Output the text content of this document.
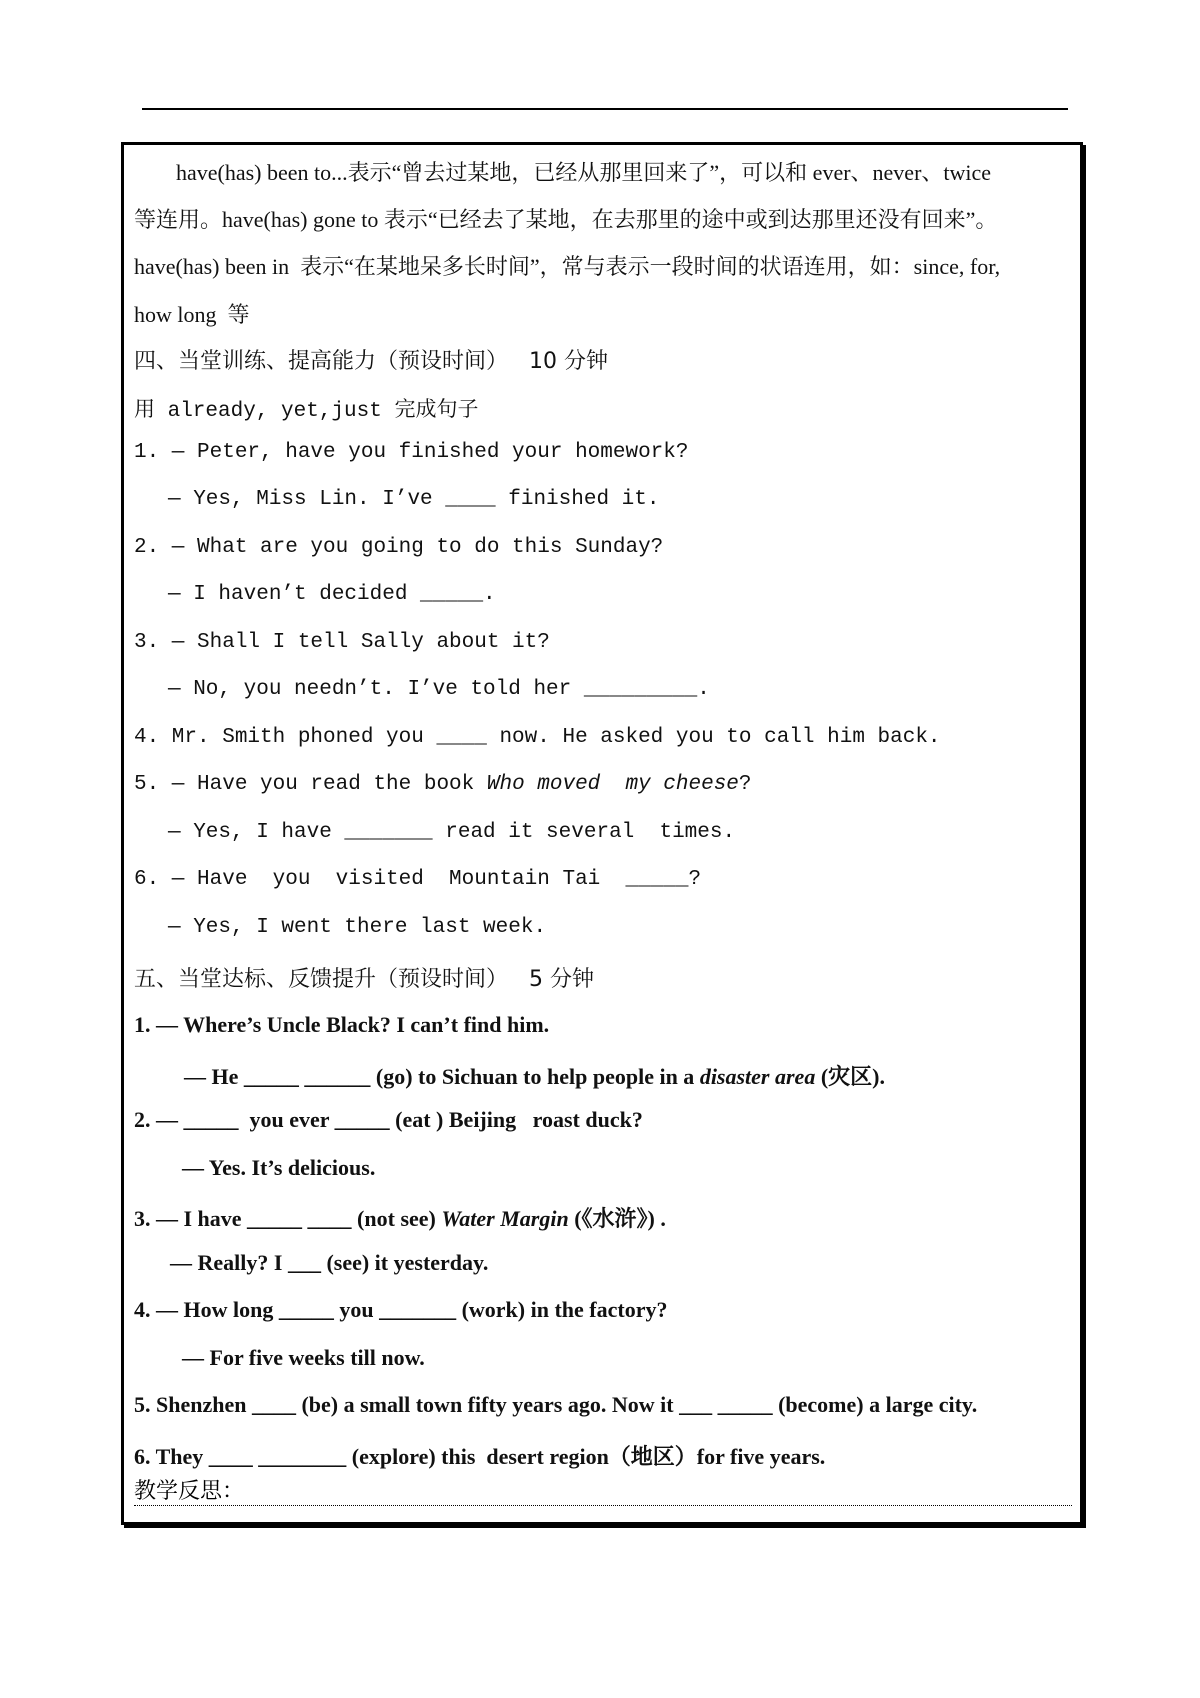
have(has) been to...表示“曾去过某地，已经从那里回来了”，可以和 ever、never、twice
等连用。have(has) gone to 表示“已经去了某地，在去那里的途中或到达那里还没有回来”。
have(has) been in  表示“在某地呆多长时间”，常与表示一段时间的状语连用，如：since, for,
how long  等
四、当堂训练、提高能力（预设时间）   10 分钟
用 already, yet,just 完成句子
1. — Peter, have you finished your homework?
— Yes, Miss Lin. I’ve ____ finished it.
2. — What are you going to do this Sunday?
— I haven’t decided _____.
3. — Shall I tell Sally about it?
— No, you needn’t. I’ve told her _________.
4. Mr. Smith phoned you ____ now. He asked you to call him back.
5. — Have you read the book Who moved  my cheese?
— Yes, I have _______ read it several  times.
6. — Have  you  visited  Mountain Tai  _____?
— Yes, I went there last week.
五、当堂达标、反馈提升（预设时间）   5 分钟
1. — Where’s Uncle Black? I can’t find him.
— He _____ ______ (go) to Sichuan to help people in a disaster area (灾区).
2. — _____  you ever _____ (eat ) Beijing   roast duck?
— Yes. It’s delicious.
3. — I have _____ ____ (not see) Water Margin (《水浒》) .
— Really? I ___ (see) it yesterday.
4. — How long _____ you _______ (work) in the factory?
— For five weeks till now.
5. Shenzhen ____ (be) a small town fifty years ago. Now it ___ _____ (become) a large city.
6. They ____ ________ (explore) this  desert region（地区）for five years.
教学反思：
